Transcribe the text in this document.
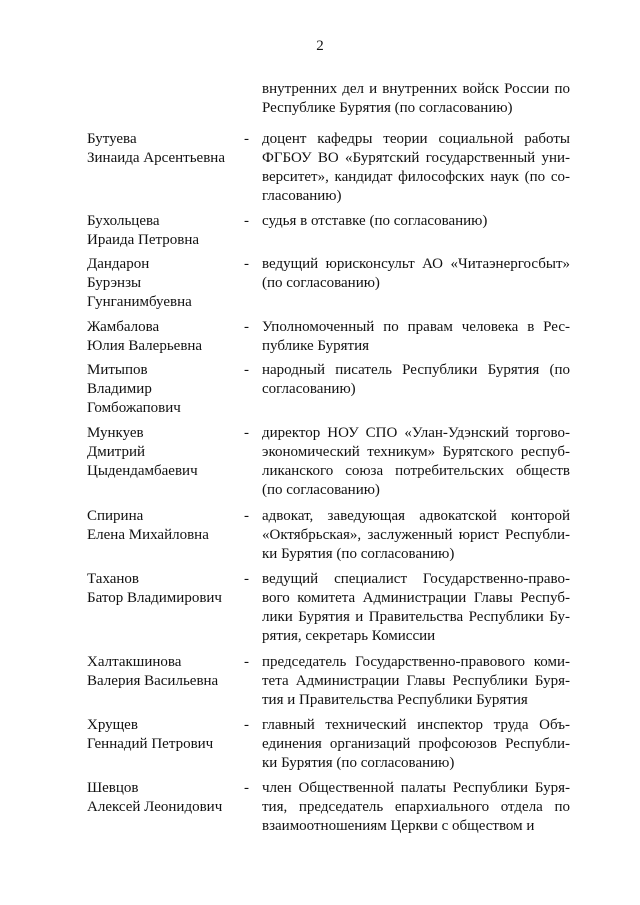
2
внутренних дел и внутренних войск России по
Республике Бурятия (по согласованию)
Бутуева
Зинаида Арсентьевна
- доцент кафедры теории социальной работы
ФГБОУ ВО «Бурятский государственный уни-
верситет», кандидат философских наук (по со-
гласованию)
Бухольцева
Ираида Петровна
- судья в отставке (по согласованию)
Дандарон
Бурэнзы
Гунганимбуевна
- ведущий юрисконсульт АО «Читаэнергосбыт»
(по согласованию)
Жамбалова
Юлия Валерьевна
- Уполномоченный по правам человека в Рес-
публике Бурятия
Митыпов
Владимир
Гомбожапович
- народный писатель Республики Бурятия (по
согласованию)
Мункуев
Дмитрий
Цыдендамбаевич
- директор НОУ СПО «Улан-Удэнский торгово-
экономический техникум» Бурятского респуб-
ликанского союза потребительских обществ
(по согласованию)
Спирина
Елена Михайловна
- адвокат, заведующая адвокатской конторой
«Октябрьская», заслуженный юрист Республи-
ки Бурятия (по согласованию)
Таханов
Батор Владимирович
- ведущий специалист Государственно-право-
вого комитета Администрации Главы Респуб-
лики Бурятия и Правительства Республики Бу-
рятия, секретарь Комиссии
Халтакшинова
Валерия Васильевна
- председатель Государственно-правового коми-
тета Администрации Главы Республики Буря-
тия и Правительства Республики Бурятия
Хрущев
Геннадий Петрович
- главный технический инспектор труда Объ-
единения организаций профсоюзов Республи-
ки Бурятия (по согласованию)
Шевцов
Алексей Леонидович
- член Общественной палаты Республики Буря-
тия, председатель епархиального отдела по
взаимоотношениям Церкви с обществом и
